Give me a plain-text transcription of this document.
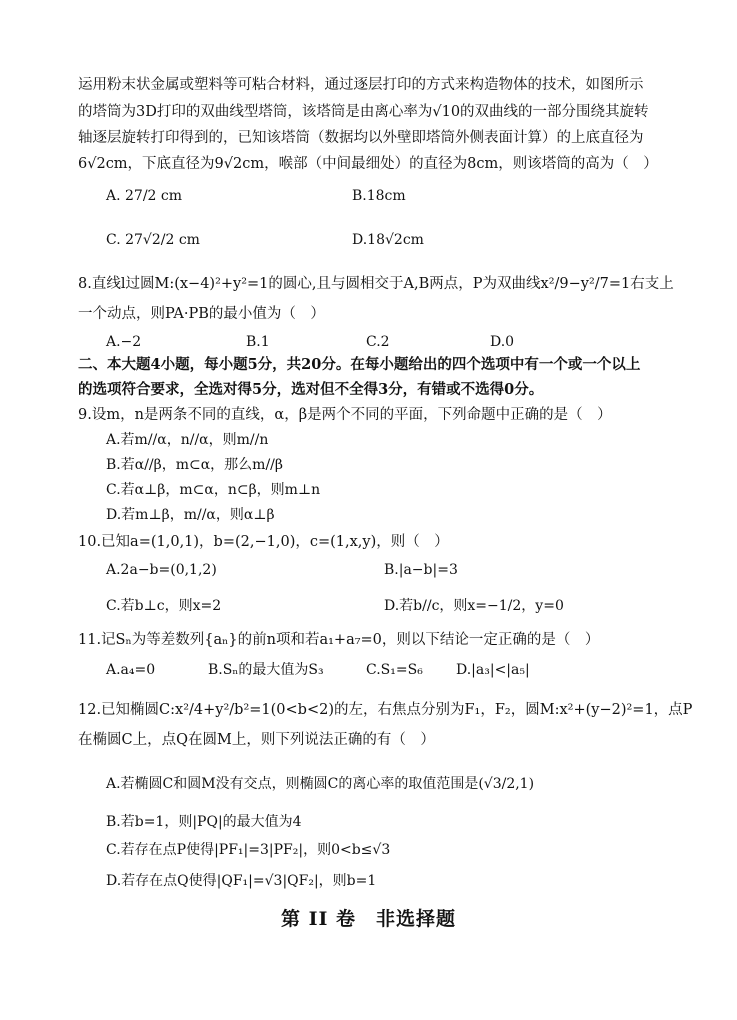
运用粉末状金属或塑料等可粘合材料，通过逐层打印的方式来构造物体的技术，如图所示
的塔筒为3D打印的双曲线型塔筒，该塔筒是由离心率为√10的双曲线的一部分围绕其旋转
轴逐层旋转打印得到的，已知该塔筒（数据均以外壁即塔筒外侧表面计算）的上底直径为
6√2cm，下底直径为9√2cm，喉部（中间最细处）的直径为8cm，则该塔筒的高为（　）
A. 27/2 cm	B.18cm
C. 27√2/2 cm	D.18√2cm
8.直线l过圆M:(x−4)²+y²=1的圆心,且与圆相交于A,B两点，P为双曲线x²/9−y²/7=1右支上
一个动点，则PA·PB的最小值为（　）
A.−2	B.1	C.2	D.0
二、本大题4小题，每小题5分，共20分。在每小题给出的四个选项中有一个或一个以上
的选项符合要求，全选对得5分，选对但不全得3分，有错或不选得0分。
9.设m，n是两条不同的直线，α，β是两个不同的平面，下列命题中正确的是（　）
A.若m//α，n//α，则m//n
B.若α//β，m⊂α，那么m//β
C.若α⊥β，m⊂α，n⊂β，则m⊥n
D.若m⊥β，m//α，则α⊥β
10.已知a=(1,0,1)，b=(2,−1,0)，c=(1,x,y)，则（　）
A.2a−b=(0,1,2)	B.|a−b|=3
C.若b⊥c，则x=2	D.若b//c，则x=−1/2，y=0
11.记Sₙ为等差数列{aₙ}的前n项和若a₁+a₇=0，则以下结论一定正确的是（　）
A.a₄=0	B.Sₙ的最大值为S₃	C.S₁=S₆ D.|a₃|<|a₅|
12.已知椭圆C:x²/4+y²/b²=1(0<b<2)的左，右焦点分别为F₁，F₂，圆M:x²+(y−2)²=1，点P
在椭圆C上，点Q在圆M上，则下列说法正确的有（　）
A.若椭圆C和圆M没有交点，则椭圆C的离心率的取值范围是(√3/2,1)
B.若b=1，则|PQ|的最大值为4
C.若存在点P使得|PF₁|=3|PF₂|，则0<b≤√3
D.若存在点Q使得|QF₁|=√3|QF₂|，则b=1
第 II 卷　非选择题
